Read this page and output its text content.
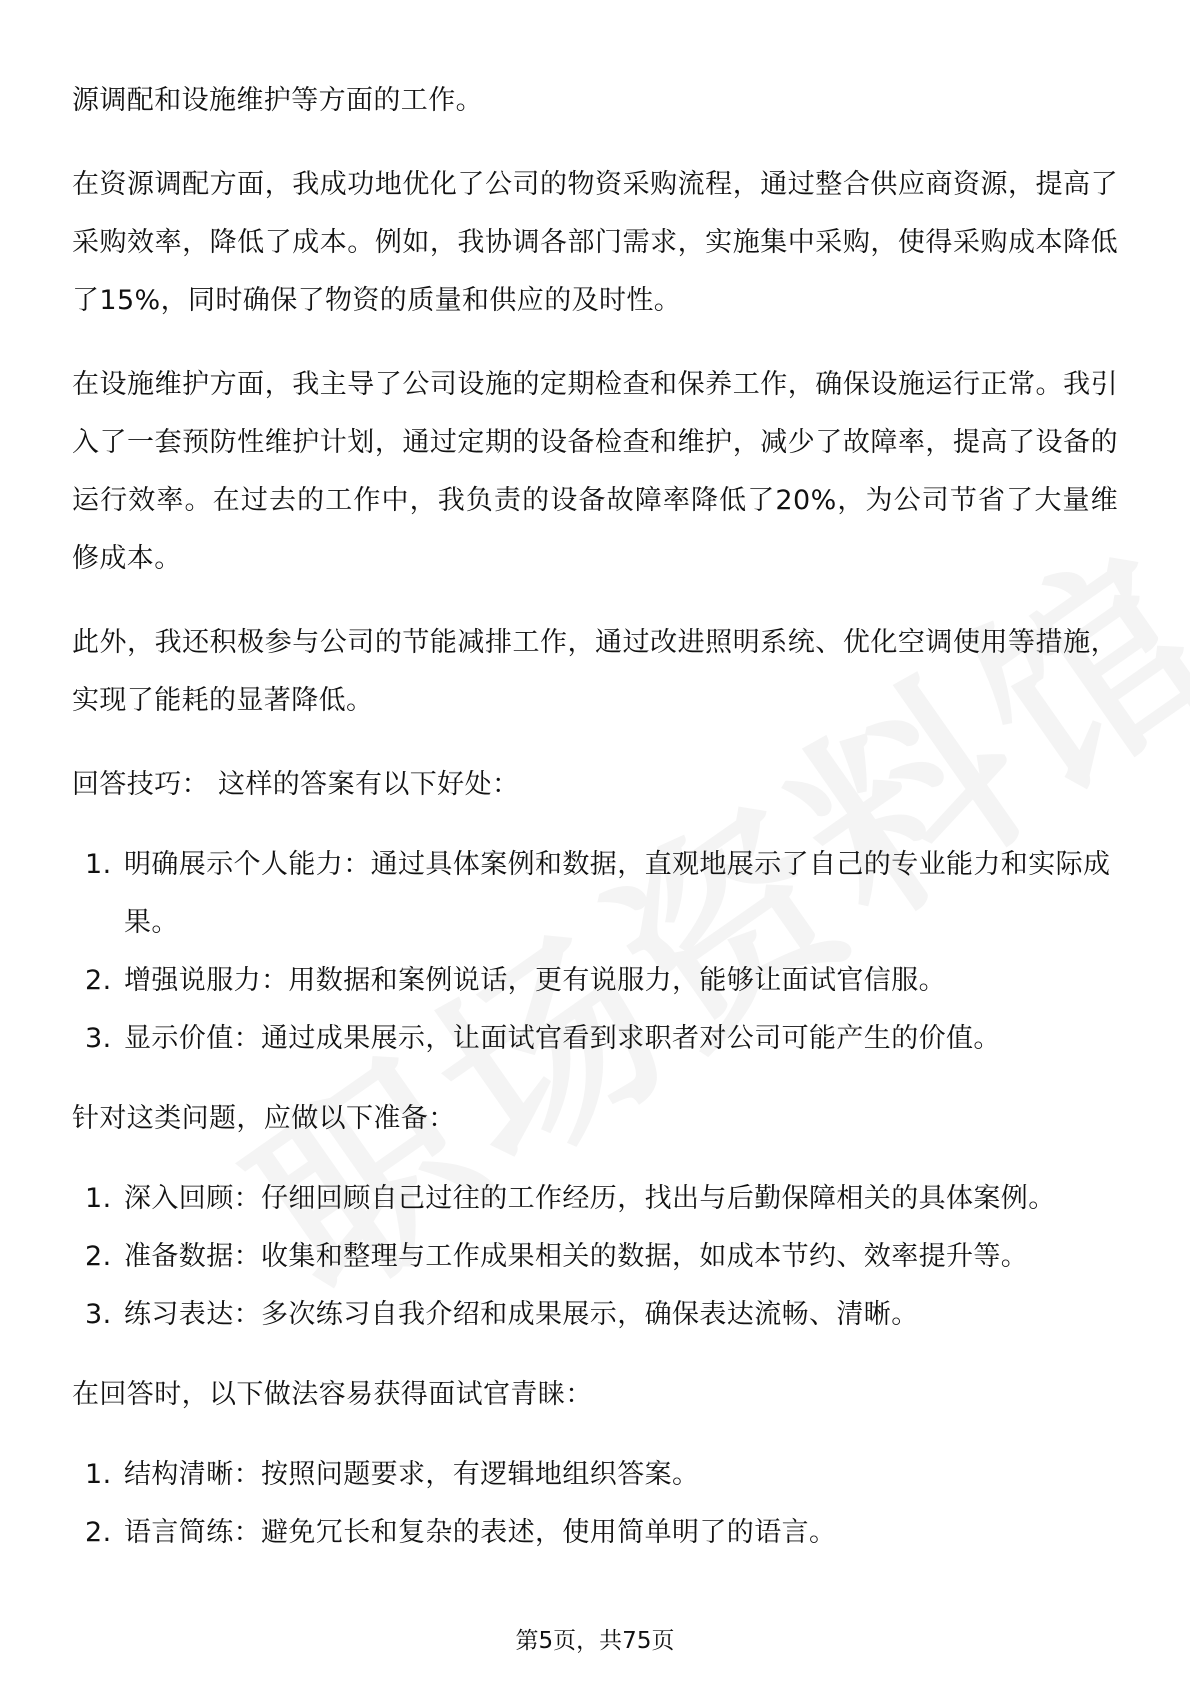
源调配和设施维护等方面的工作。

在资源调配方面，我成功地优化了公司的物资采购流程，通过整合供应商资源，提高了采购效率，降低了成本。例如，我协调各部门需求，实施集中采购，使得采购成本降低了15%，同时确保了物资的质量和供应的及时性。

在设施维护方面，我主导了公司设施的定期检查和保养工作，确保设施运行正常。我引入了一套预防性维护计划，通过定期的设备检查和维护，减少了故障率，提高了设备的运行效率。在过去的工作中，我负责的设备故障率降低了20%，为公司节省了大量维修成本。

此外，我还积极参与公司的节能减排工作，通过改进照明系统、优化空调使用等措施，实现了能耗的显著降低。

回答技巧： 这样的答案有以下好处：

1. 明确展示个人能力：通过具体案例和数据，直观地展示了自己的专业能力和实际成果。
2. 增强说服力：用数据和案例说话，更有说服力，能够让面试官信服。
3. 显示价值：通过成果展示，让面试官看到求职者对公司可能产生的价值。

针对这类问题，应做以下准备：

1. 深入回顾：仔细回顾自己过往的工作经历，找出与后勤保障相关的具体案例。
2. 准备数据：收集和整理与工作成果相关的数据，如成本节约、效率提升等。
3. 练习表达：多次练习自我介绍和成果展示，确保表达流畅、清晰。

在回答时，以下做法容易获得面试官青睐：

1. 结构清晰：按照问题要求，有逻辑地组织答案。
2. 语言简练：避免冗长和复杂的表述，使用简单明了的语言。
第5页，共75页
